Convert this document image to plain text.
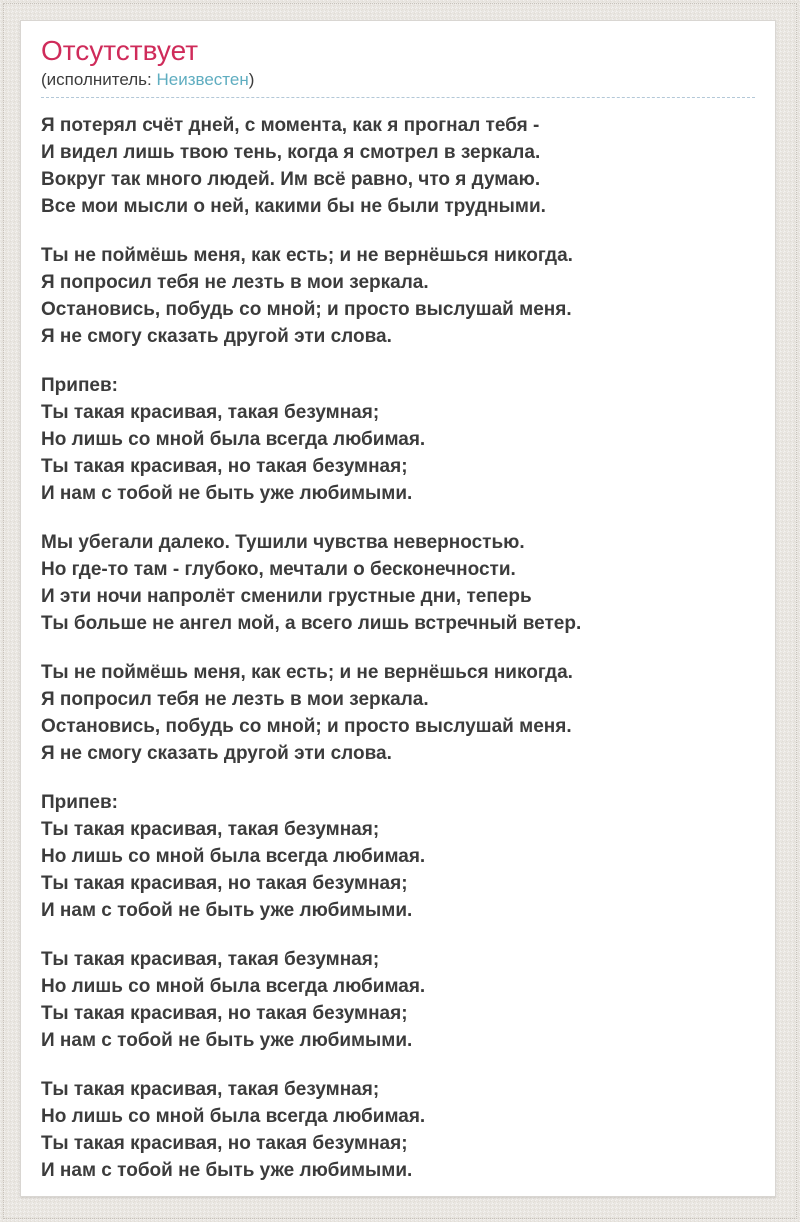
Отсутствует
(исполнитель: Неизвестен)

Я потерял счёт дней, с момента, как я прогнал тебя -
И видел лишь твою тень, когда я смотрел в зеркала.
Вокруг так много людей. Им всё равно, что я думаю.
Все мои мысли о ней, какими бы не были трудными.

Ты не поймёшь меня, как есть; и не вернёшься никогда.
Я попросил тебя не лезть в мои зеркала.
Остановись, побудь со мной; и просто выслушай меня.
Я не смогу сказать другой эти слова.

Припев:
Ты такая красивая, такая безумная;
Но лишь со мной была всегда любимая.
Ты такая красивая, но такая безумная;
И нам с тобой не быть уже любимыми.

Мы убегали далеко. Тушили чувства неверностью.
Но где-то там - глубоко, мечтали о бесконечности.
И эти ночи напролёт сменили грустные дни, теперь
Ты больше не ангел мой, а всего лишь встречный ветер.

Ты не поймёшь меня, как есть; и не вернёшься никогда.
Я попросил тебя не лезть в мои зеркала.
Остановись, побудь со мной; и просто выслушай меня.
Я не смогу сказать другой эти слова.

Припев:
Ты такая красивая, такая безумная;
Но лишь со мной была всегда любимая.
Ты такая красивая, но такая безумная;
И нам с тобой не быть уже любимыми.

Ты такая красивая, такая безумная;
Но лишь со мной была всегда любимая.
Ты такая красивая, но такая безумная;
И нам с тобой не быть уже любимыми.

Ты такая красивая, такая безумная;
Но лишь со мной была всегда любимая.
Ты такая красивая, но такая безумная;
И нам с тобой не быть уже любимыми.
